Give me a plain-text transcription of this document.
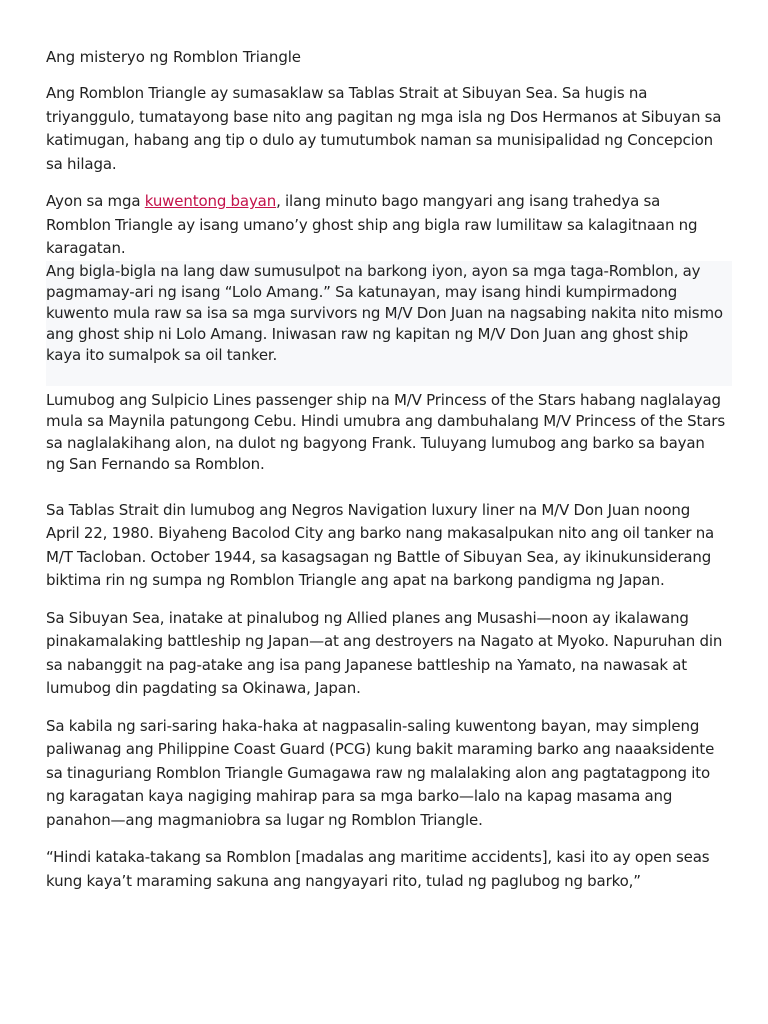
Ang misteryo ng Romblon Triangle

Ang Romblon Triangle ay sumasaklaw sa Tablas Strait at Sibuyan Sea. Sa hugis na triyanggulo, tumatayong base nito ang pagitan ng mga isla ng Dos Hermanos at Sibuyan sa katimugan, habang ang tip o dulo ay tumutumbok naman sa munisipalidad ng Concepcion sa hilaga.

Ayon sa mga kuwentong bayan, ilang minuto bago mangyari ang isang trahedya sa Romblon Triangle ay isang umano’y ghost ship ang bigla raw lumilitaw sa kalagitnaan ng karagatan.

Ang bigla-bigla na lang daw sumusulpot na barkong iyon, ayon sa mga taga-Romblon, ay pagmamay-ari ng isang “Lolo Amang.” Sa katunayan, may isang hindi kumpirmadong kuwento mula raw sa isa sa mga survivors ng M/V Don Juan na nagsabing nakita nito mismo ang ghost ship ni Lolo Amang. Iniwasan raw ng kapitan ng M/V Don Juan ang ghost ship kaya ito sumalpok sa oil tanker.

Lumubog ang Sulpicio Lines passenger ship na M/V Princess of the Stars habang naglalayag mula sa Maynila patungong Cebu. Hindi umubra ang dambuhalang M/V Princess of the Stars sa naglalakihang alon, na dulot ng bagyong Frank. Tuluyang lumubog ang barko sa bayan ng San Fernando sa Romblon.

Sa Tablas Strait din lumubog ang Negros Navigation luxury liner na M/V Don Juan noong April 22, 1980. Biyaheng Bacolod City ang barko nang makasalpukan nito ang oil tanker na M/T Tacloban. October 1944, sa kasagsagan ng Battle of Sibuyan Sea, ay ikinukunsiderang biktima rin ng sumpa ng Romblon Triangle ang apat na barkong pandigma ng Japan.

Sa Sibuyan Sea, inatake at pinalubog ng Allied planes ang Musashi—noon ay ikalawang pinakamalaking battleship ng Japan—at ang destroyers na Nagato at Myoko. Napuruhan din sa nabanggit na pag-atake ang isa pang Japanese battleship na Yamato, na nawasak at lumubog din pagdating sa Okinawa, Japan.

Sa kabila ng sari-saring haka-haka at nagpasalin-saling kuwentong bayan, may simpleng paliwanag ang Philippine Coast Guard (PCG) kung bakit maraming barko ang naaaksidente sa tinaguriang Romblon Triangle Gumagawa raw ng malalaking alon ang pagtatagpong ito ng karagatan kaya nagiging mahirap para sa mga barko—lalo na kapag masama ang panahon—ang magmaniobra sa lugar ng Romblon Triangle.

“Hindi kataka-takang sa Romblon [madalas ang maritime accidents], kasi ito ay open seas kung kaya’t maraming sakuna ang nangyayari rito, tulad ng paglubog ng barko,”
